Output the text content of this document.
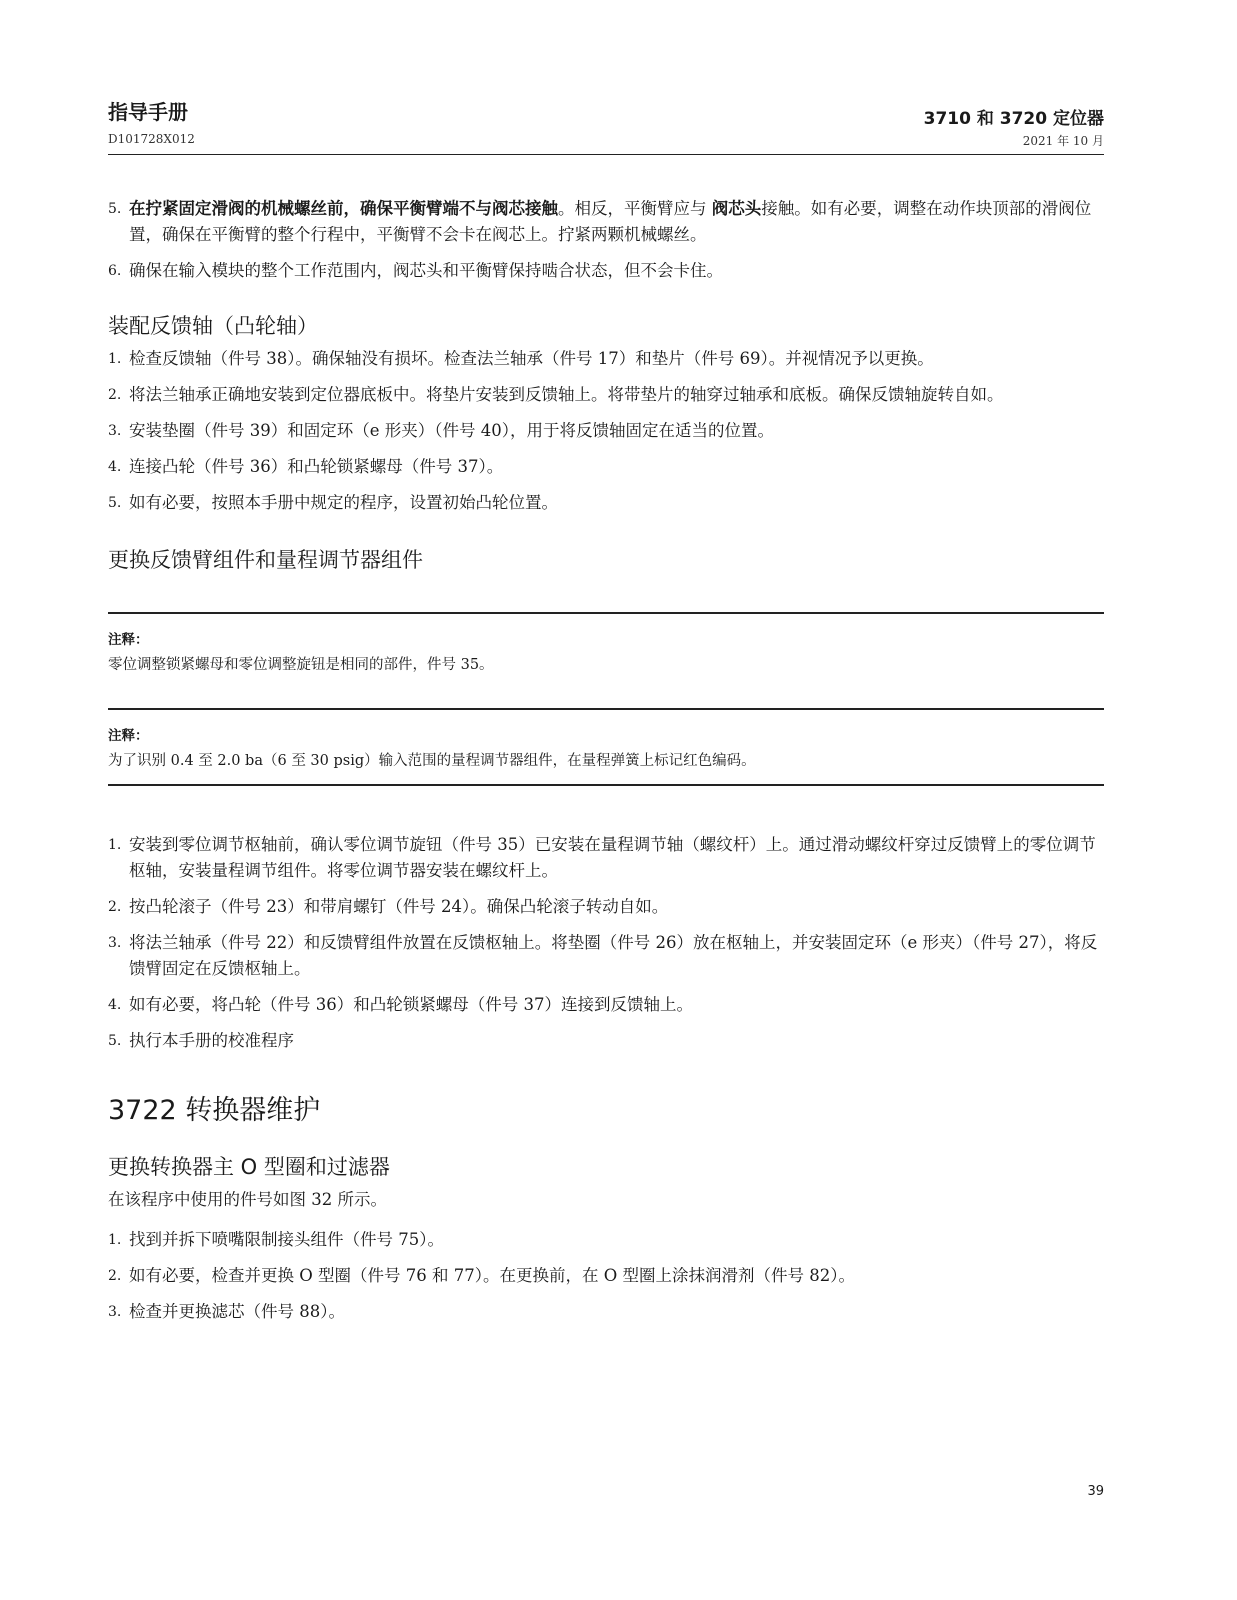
指导手册
D101728X012
3710 和 3720 定位器
2021 年 10 月
5. 在拧紧固定滑阀的机械螺丝前，确保平衡臂端不与阀芯接触。相反，平衡臂应与 阀芯头接触。如有必要，调整在动作块顶部的滑阀位置，确保在平衡臂的整个行程中，平衡臂不会卡在阀芯上。拧紧两颗机械螺丝。
6. 确保在输入模块的整个工作范围内，阀芯头和平衡臂保持啮合状态，但不会卡住。
装配反馈轴（凸轮轴）
1. 检查反馈轴（件号 38）。确保轴没有损坏。检查法兰轴承（件号 17）和垫片（件号 69）。并视情况予以更换。
2. 将法兰轴承正确地安装到定位器底板中。将垫片安装到反馈轴上。将带垫片的轴穿过轴承和底板。确保反馈轴旋转自如。
3. 安装垫圈（件号 39）和固定环（e 形夹）（件号 40），用于将反馈轴固定在适当的位置。
4. 连接凸轮（件号 36）和凸轮锁紧螺母（件号 37）。
5. 如有必要，按照本手册中规定的程序，设置初始凸轮位置。
更换反馈臂组件和量程调节器组件
注释：
零位调整锁紧螺母和零位调整旋钮是相同的部件，件号 35。
注释：
为了识别 0.4 至 2.0 ba（6 至 30 psig）输入范围的量程调节器组件，在量程弹簧上标记红色编码。
1. 安装到零位调节枢轴前，确认零位调节旋钮（件号 35）已安装在量程调节轴（螺纹杆）上。通过滑动螺纹杆穿过反馈臂上的零位调节枢轴，安装量程调节组件。将零位调节器安装在螺纹杆上。
2. 按凸轮滚子（件号 23）和带肩螺钉（件号 24）。确保凸轮滚子转动自如。
3. 将法兰轴承（件号 22）和反馈臂组件放置在反馈枢轴上。将垫圈（件号 26）放在枢轴上，并安装固定环（e 形夹）（件号 27），将反馈臂固定在反馈枢轴上。
4. 如有必要，将凸轮（件号 36）和凸轮锁紧螺母（件号 37）连接到反馈轴上。
5. 执行本手册的校准程序
3722 转换器维护
更换转换器主 O 型圈和过滤器

在该程序中使用的件号如图 32 所示。

1. 找到并拆下喷嘴限制接头组件（件号 75）。
2. 如有必要，检查并更换 O 型圈（件号 76 和 77）。在更换前，在 O 型圈上涂抹润滑剂（件号 82）。
3. 检查并更换滤芯（件号 88）。
39
